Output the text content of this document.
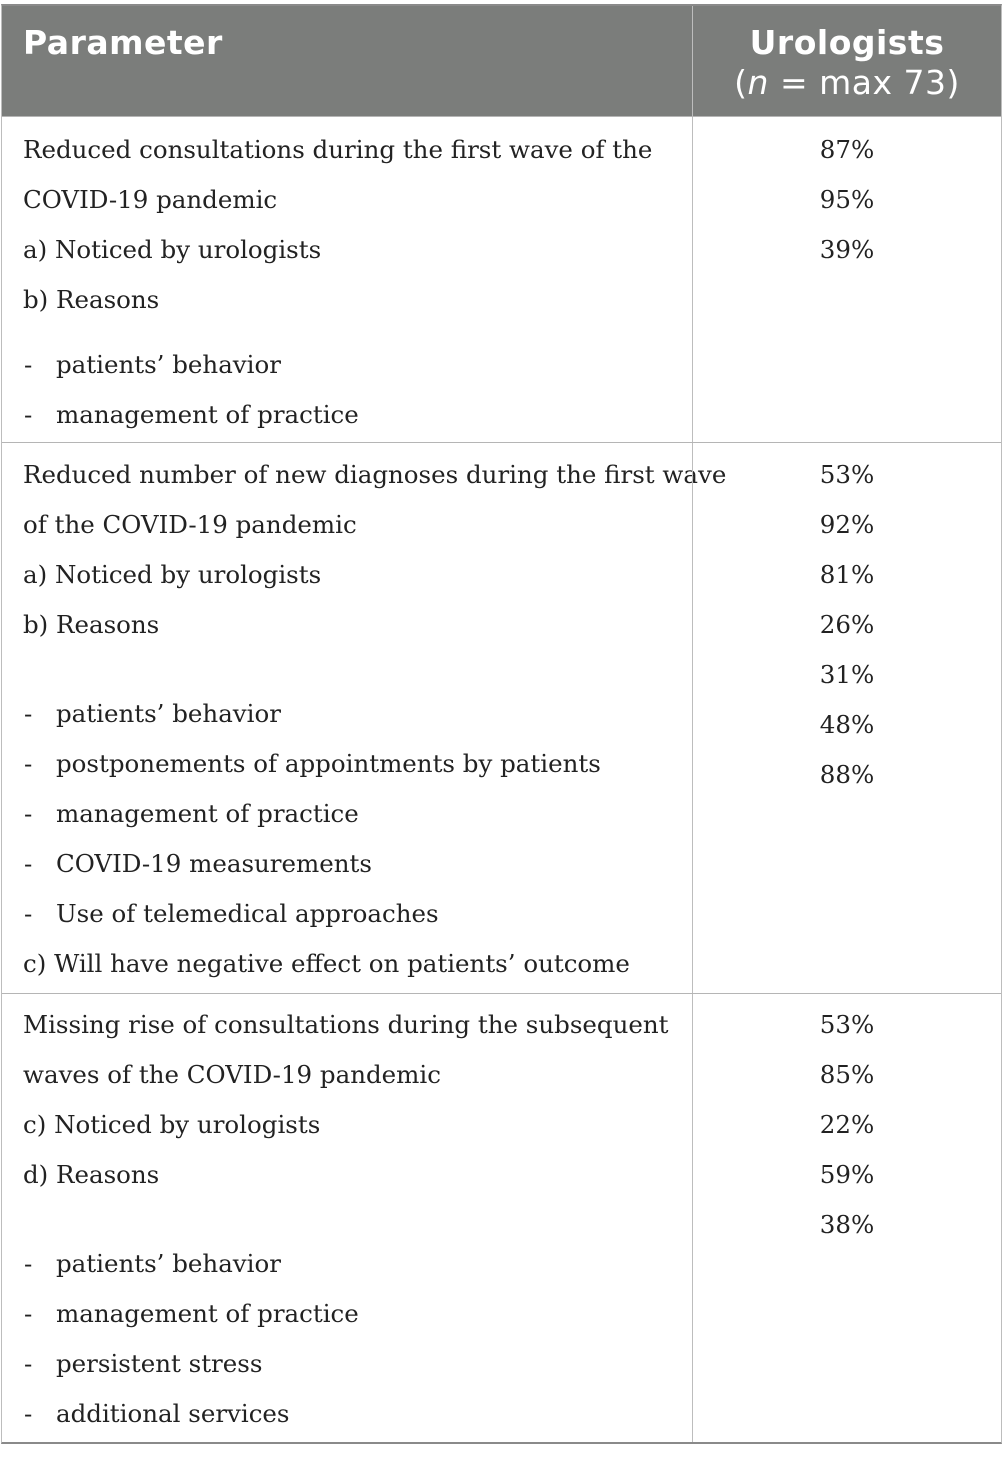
Parameter	Urologists
(n = max 73)
Reduced consultations during the first wave of the
COVID-19 pandemic
a) Noticed by urologists
b) Reasons
- patients’ behavior
- management of practice
87%
95%
39%
Reduced number of new diagnoses during the first wave
of the COVID-19 pandemic
a) Noticed by urologists
b) Reasons
- patients’ behavior
- postponements of appointments by patients
- management of practice
- COVID-19 measurements
- Use of telemedical approaches
c) Will have negative effect on patients’ outcome
53%
92%
81%
26%
31%
48%
88%
Missing rise of consultations during the subsequent
waves of the COVID-19 pandemic
c) Noticed by urologists
d) Reasons
- patients’ behavior
- management of practice
- persistent stress
- additional services
53%
85%
22%
59%
38%
